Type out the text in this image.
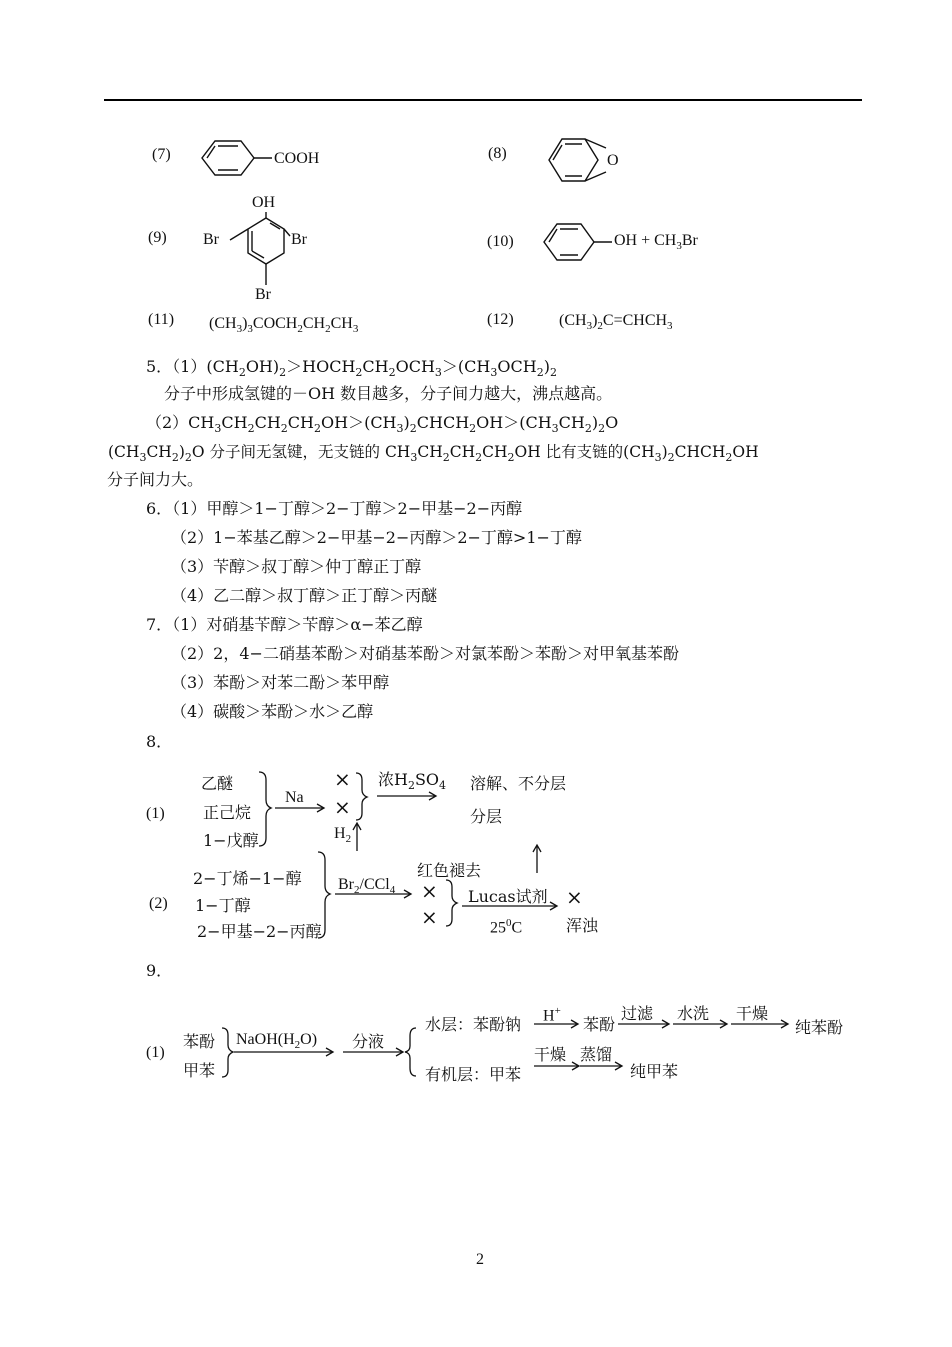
(7)	COOH	(8)	O
(9)
OH
Br	Br
Br
(10)	OH + $CH_3Br$
(11) $(CH_3)_3COCH_2CH_2CH_3$
(12)	$(CH_3)_2C=CHCH_3$
5．$(1)(CH_2OH)_2>HOCH_2CH_2OCH_3>(CH_3OCH_2)_2$
分子中形成氢键的－OH 数目越多，分子间力越大，沸点越高。
$(2)CH_3CH_2CH_2CH_2OH>(CH_3)_2CHCH_2OH>(CH_3CH_2)_2O$
$(CH_3CH_2)_2O$ 分子间无氢键，无支链的 $CH_3CH_2CH_2CH_2OH$ 比有支链的$(CH_3)_2CHCH_2OH$
分子间力大。
6．（1）甲醇＞1−丁醇＞2−丁醇＞2−甲基−2−丙醇
（2）1−苯基乙醇＞2−甲基−2−丙醇＞2−丁醇>1−丁醇
（3）苄醇＞叔丁醇＞仲丁醇正丁醇
（4）乙二醇＞叔丁醇＞正丁醇＞丙醚
7．（1）对硝基苄醇＞苄醇＞α−苯乙醇
（2）2，4−二硝基苯酚＞对硝基苯酚＞对氯苯酚＞苯酚＞对甲氧基苯酚
（3）苯酚＞对苯二酚＞苯甲醇
（4）碳酸＞苯酚＞水＞乙醇
8．
(1)
乙醚
正己烷
1−戊醇
Na
×
×
$H_2$
浓$H_2SO_4$ 溶解、不分层
分层
(2)
2−丁烯−1−醇
1−丁醇
2−甲基−2−丙醇
$Br_2/CCl_4$
红色褪去
×
×
Lucas试剂
$25^0C$
×
浑浊
9．
(1)
苯酚
甲苯
$NaOH(H_2O)$ 分液
水层：苯酚钠 H+
苯酚
过滤 水洗 干燥
纯苯酚
有机层：甲苯
干燥 蒸馏
纯甲苯
2
